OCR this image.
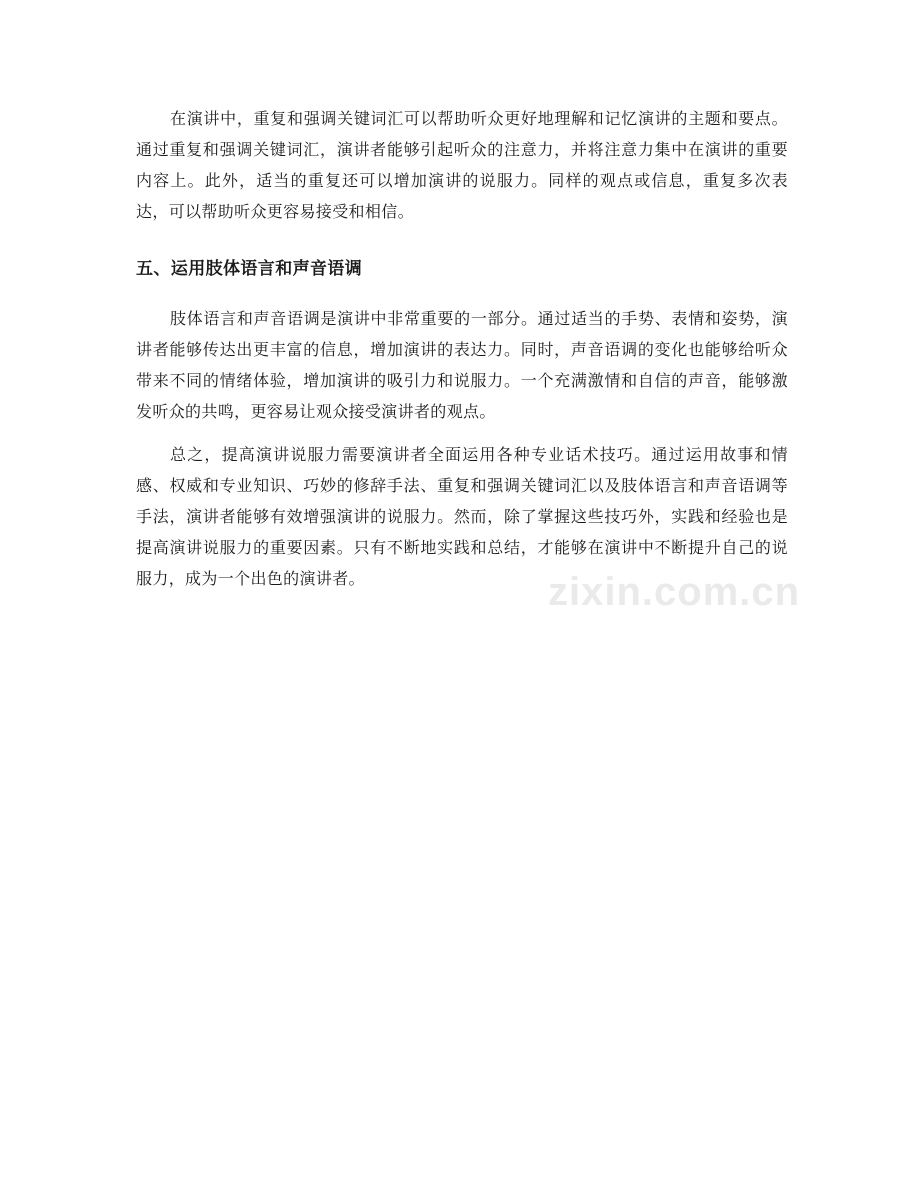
在演讲中，重复和强调关键词汇可以帮助听众更好地理解和记忆演讲的主题和要点。通过重复和强调关键词汇，演讲者能够引起听众的注意力，并将注意力集中在演讲的重要内容上。此外，适当的重复还可以增加演讲的说服力。同样的观点或信息，重复多次表达，可以帮助听众更容易接受和相信。

五、运用肢体语言和声音语调

肢体语言和声音语调是演讲中非常重要的一部分。通过适当的手势、表情和姿势，演讲者能够传达出更丰富的信息，增加演讲的表达力。同时，声音语调的变化也能够给听众带来不同的情绪体验，增加演讲的吸引力和说服力。一个充满激情和自信的声音，能够激发听众的共鸣，更容易让观众接受演讲者的观点。

总之，提高演讲说服力需要演讲者全面运用各种专业话术技巧。通过运用故事和情感、权威和专业知识、巧妙的修辞手法、重复和强调关键词汇以及肢体语言和声音语调等手法，演讲者能够有效增强演讲的说服力。然而，除了掌握这些技巧外，实践和经验也是提高演讲说服力的重要因素。只有不断地实践和总结，才能够在演讲中不断提升自己的说服力，成为一个出色的演讲者。	zixin.com.cn
